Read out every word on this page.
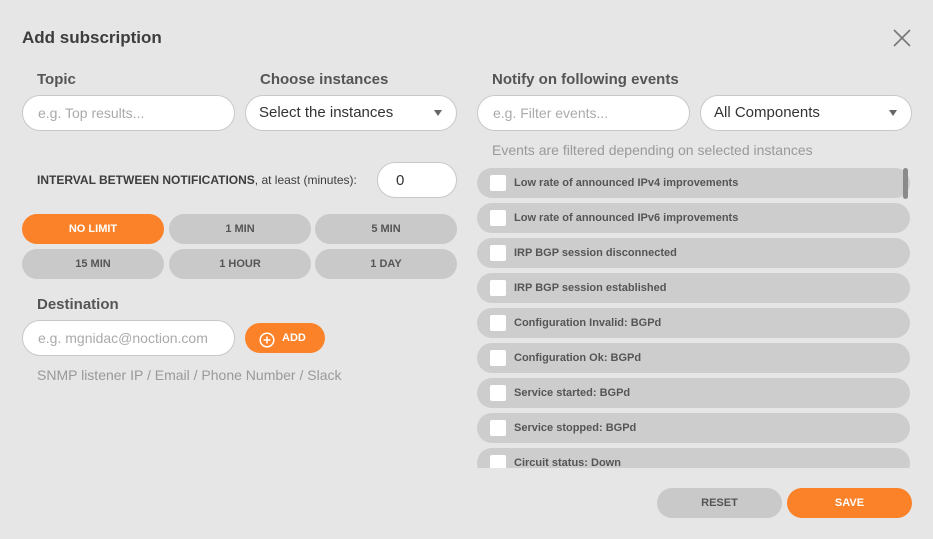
Add subscription
Topic
e.g. Top results...	Choose instances
Select the instances
INTERVAL BETWEEN NOTIFICATIONS, at least (minutes):
0
NO LIMIT	1 MIN	5 MIN
15 MIN	1 HOUR	1 DAY
Destination
e.g. mgnidac@noction.com
ADD
SNMP listener IP / Email / Phone Number / Slack
Notify on following events
e.g. Filter events...
All Components
Events are filtered depending on selected instances
Low rate of announced IPv4 improvements
Low rate of announced IPv6 improvements
IRP BGP session disconnected
IRP BGP session established
Configuration Invalid: BGPd
Configuration Ok: BGPd
Service started: BGPd
Service stopped: BGPd
Circuit status: Down
RESET	SAVE
